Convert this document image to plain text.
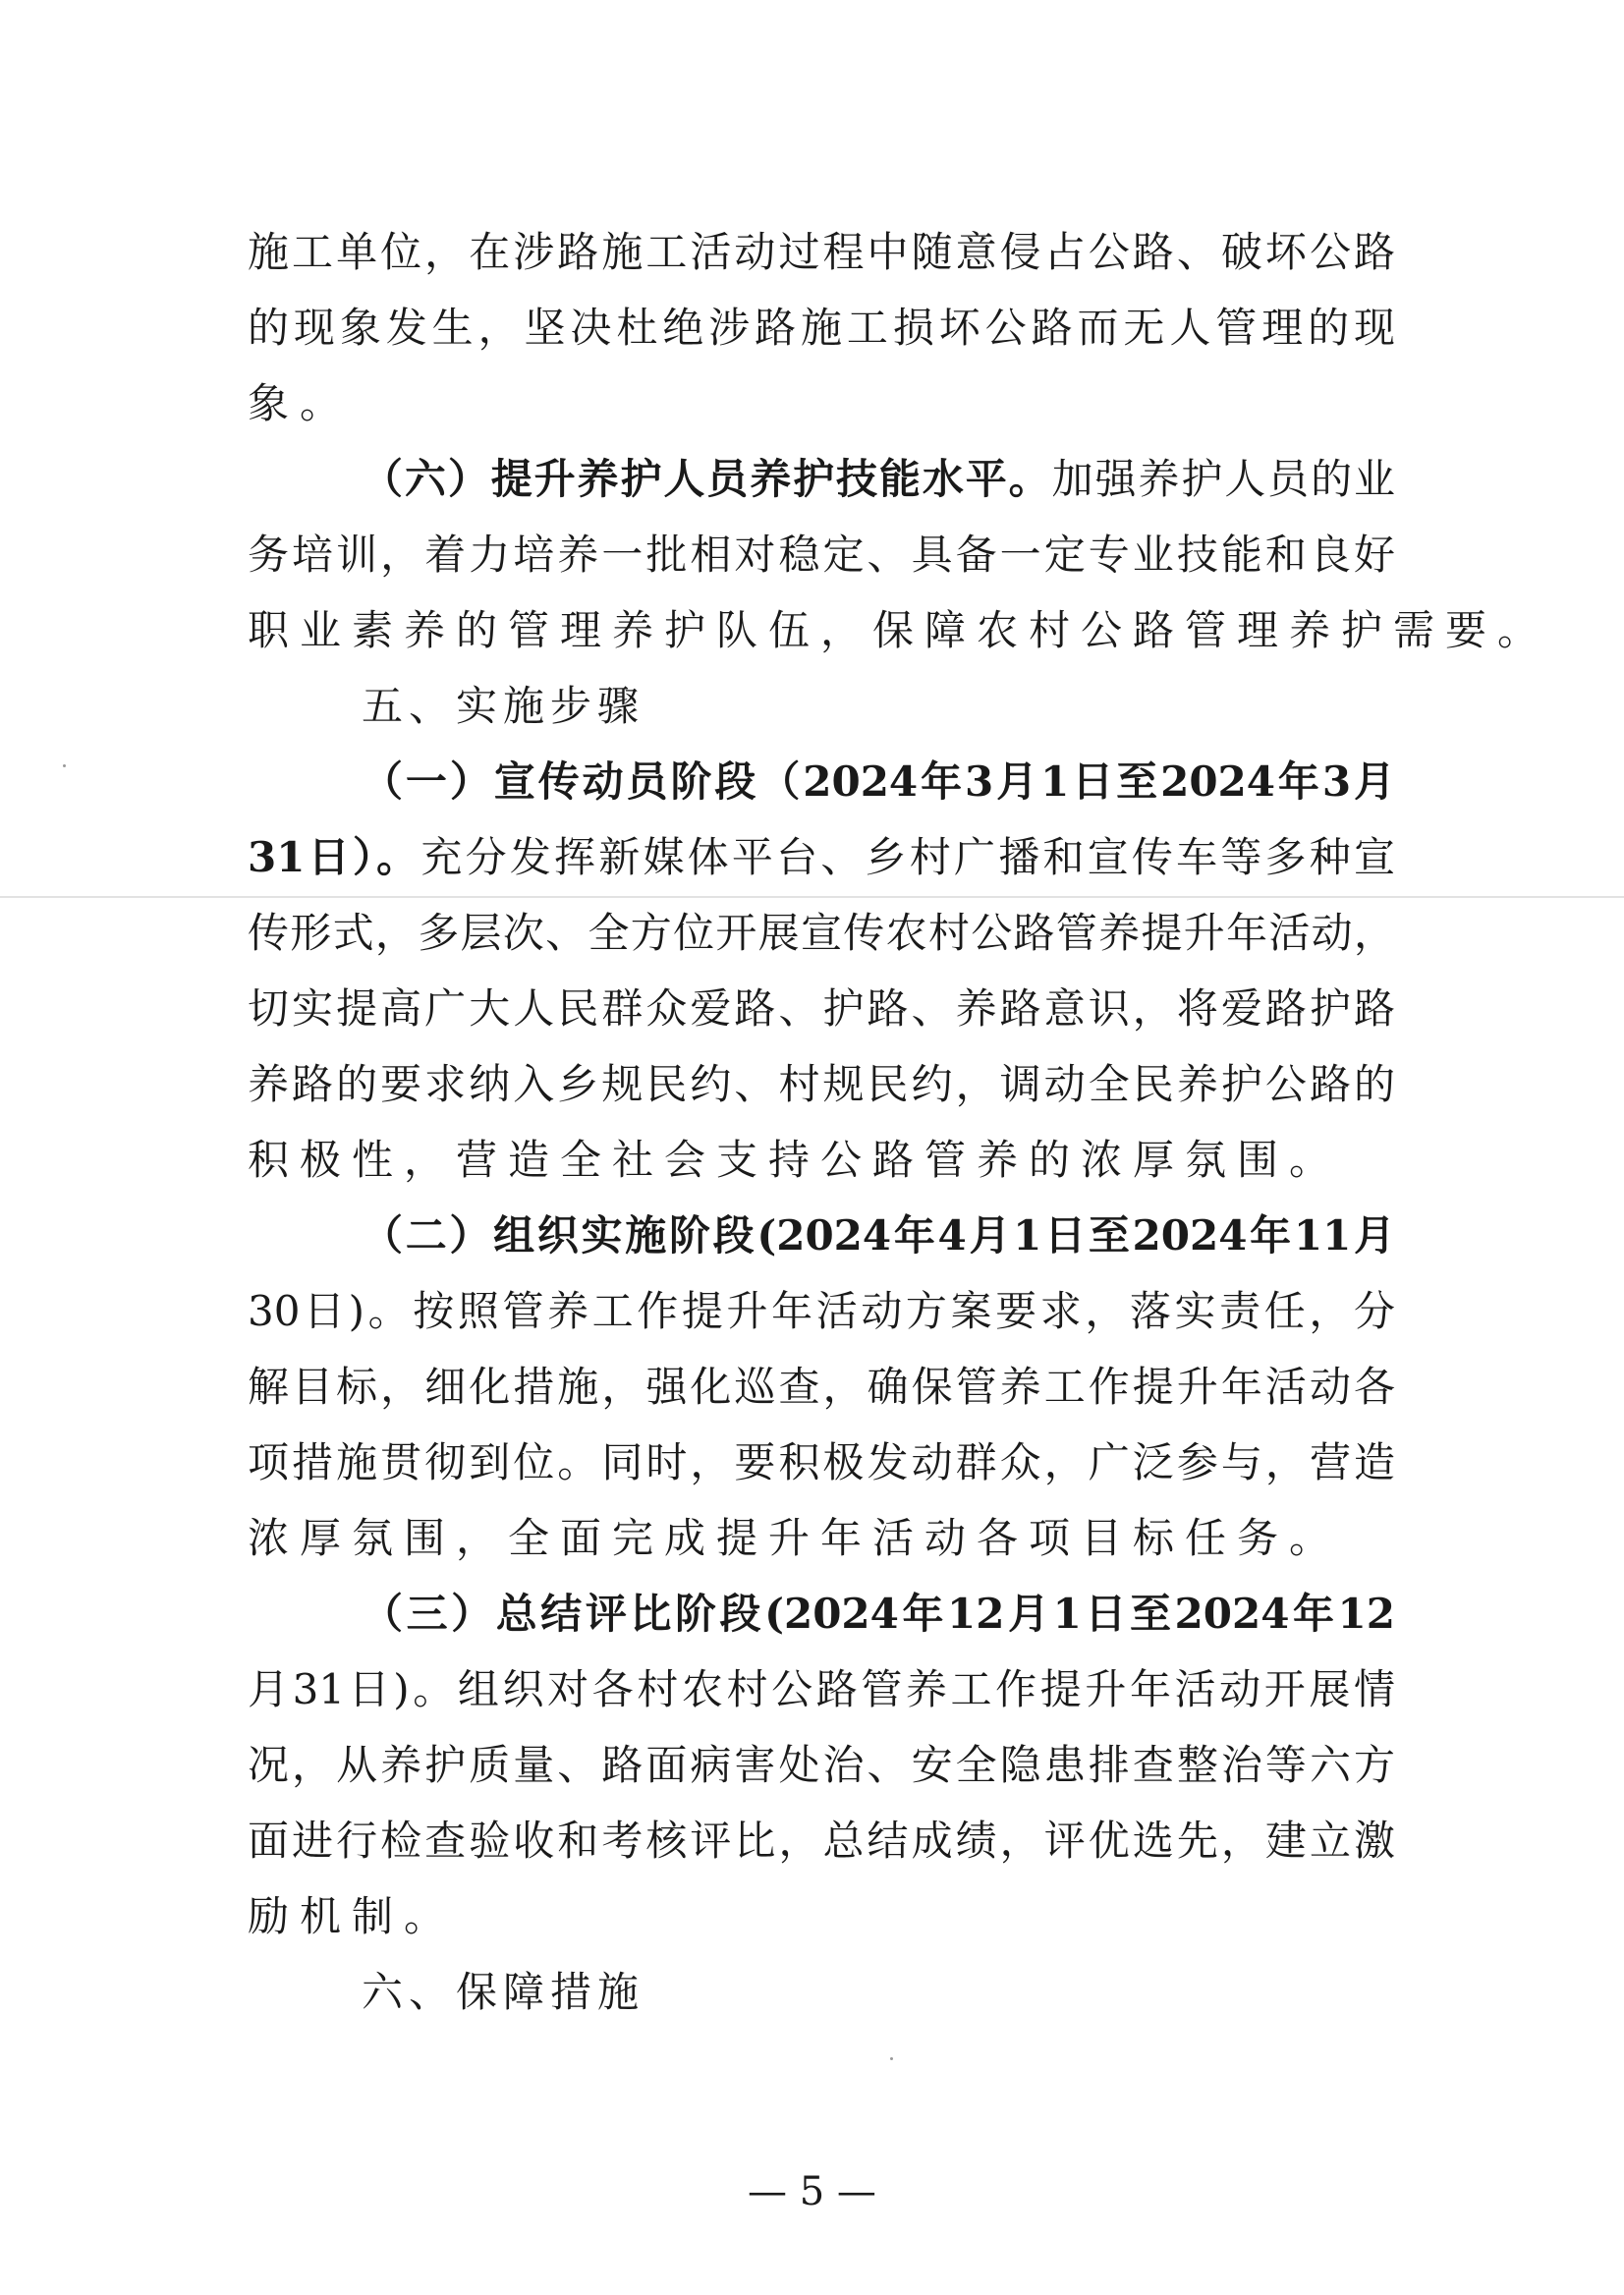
施工单位，在涉路施工活动过程中随意侵占公路、破坏公路
的现象发生，坚决杜绝涉路施工损坏公路而无人管理的现
象。
（六）提升养护人员养护技能水平。加强养护人员的业
务培训，着力培养一批相对稳定、具备一定专业技能和良好
职业素养的管理养护队伍，保障农村公路管理养护需要。
五、实施步骤
（一）宣传动员阶段（2024年3月1日至2024年3月
31日）。充分发挥新媒体平台、乡村广播和宣传车等多种宣
传形式，多层次、全方位开展宣传农村公路管养提升年活动，
切实提高广大人民群众爱路、护路、养路意识，将爱路护路
养路的要求纳入乡规民约、村规民约，调动全民养护公路的
积极性，营造全社会支持公路管养的浓厚氛围。
（二）组织实施阶段(2024年4月1日至2024年11月
30日)。按照管养工作提升年活动方案要求，落实责任，分
解目标，细化措施，强化巡查，确保管养工作提升年活动各
项措施贯彻到位。同时，要积极发动群众，广泛参与，营造
浓厚氛围，全面完成提升年活动各项目标任务。
（三）总结评比阶段(2024年12月1日至2024年12
月31日)。组织对各村农村公路管养工作提升年活动开展情
况，从养护质量、路面病害处治、安全隐患排查整治等六方
面进行检查验收和考核评比，总结成绩，评优选先，建立激
励机制。
六、保障措施
— 5 —
